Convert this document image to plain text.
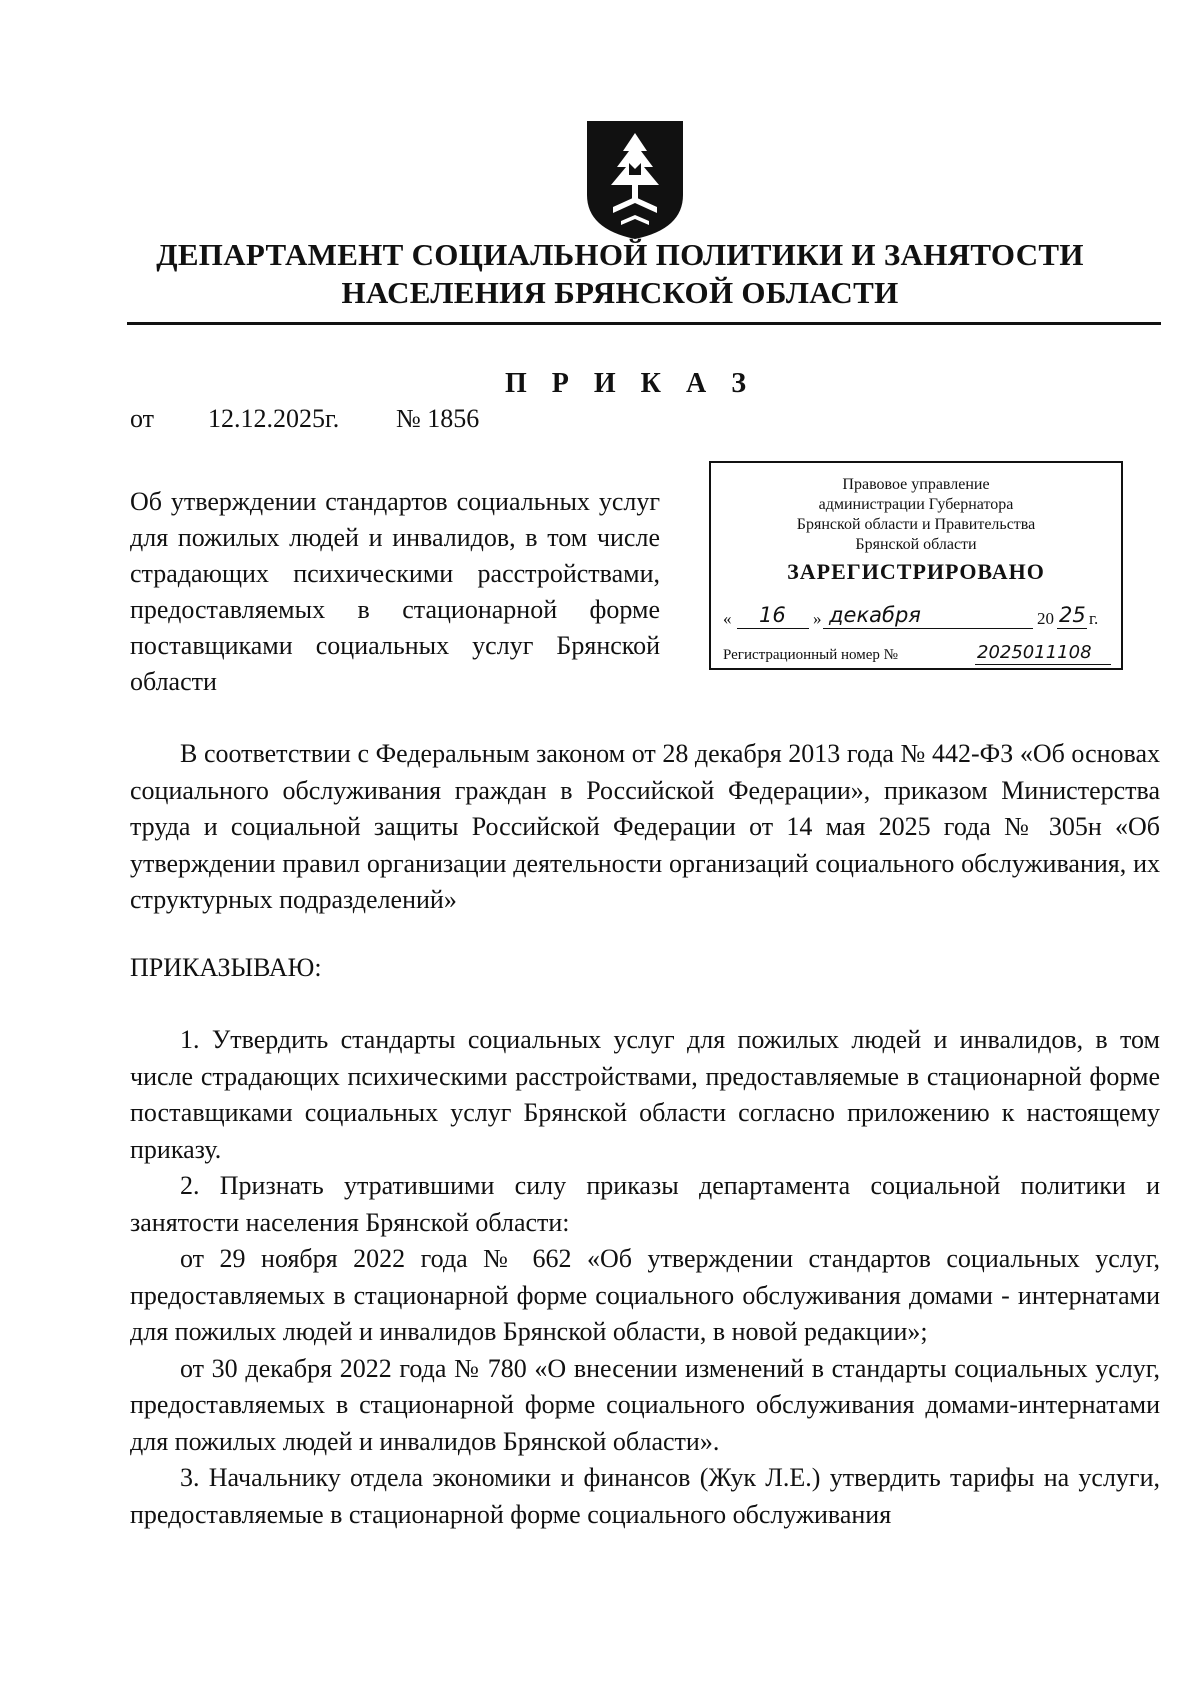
ДЕПАРТАМЕНТ СОЦИАЛЬНОЙ ПОЛИТИКИ И ЗАНЯТОСТИ
НАСЕЛЕНИЯ БРЯНСКОЙ ОБЛАСТИ
П Р И К А З
от 12.12.2025г. № 1856
Об утверждении стандартов социальных услуг для пожилых людей и инвалидов, в том числе страдающих психическими расстройствами, предоставляемых в стационарной форме поставщиками социальных услуг Брянской области
Правовое управление
администрации Губернатора
Брянской области и Правительства
Брянской области
ЗАРЕГИСТРИРОВАНО
« 16 » декабря	20 25 г.
Регистрационный номер №	2025011108

В соответствии с Федеральным законом от 28 декабря 2013 года № 442-ФЗ «Об основах социального обслуживания граждан в Российской Федерации», приказом Министерства труда и социальной защиты Российской Федерации от 14 мая 2025 года № 305н «Об утверждении правил организации деятельности организаций социального обслуживания, их структурных подразделений»

ПРИКАЗЫВАЮ:

1. Утвердить стандарты социальных услуг для пожилых людей и инвалидов, в том числе страдающих психическими расстройствами, предоставляемые в стационарной форме поставщиками социальных услуг Брянской области согласно приложению к настоящему приказу.

2. Признать утратившими силу приказы департамента социальной политики и занятости населения Брянской области:

от 29 ноября 2022 года № 662 «Об утверждении стандартов социальных услуг, предоставляемых в стационарной форме социального обслуживания домами - интернатами для пожилых людей и инвалидов Брянской области, в новой редакции»;

от 30 декабря 2022 года № 780 «О внесении изменений в стандарты социальных услуг, предоставляемых в стационарной форме социального обслуживания домами-интернатами для пожилых людей и инвалидов Брянской области».

3. Начальнику отдела экономики и финансов (Жук Л.Е.) утвердить тарифы на услуги, предоставляемые в стационарной форме социального обслуживания
